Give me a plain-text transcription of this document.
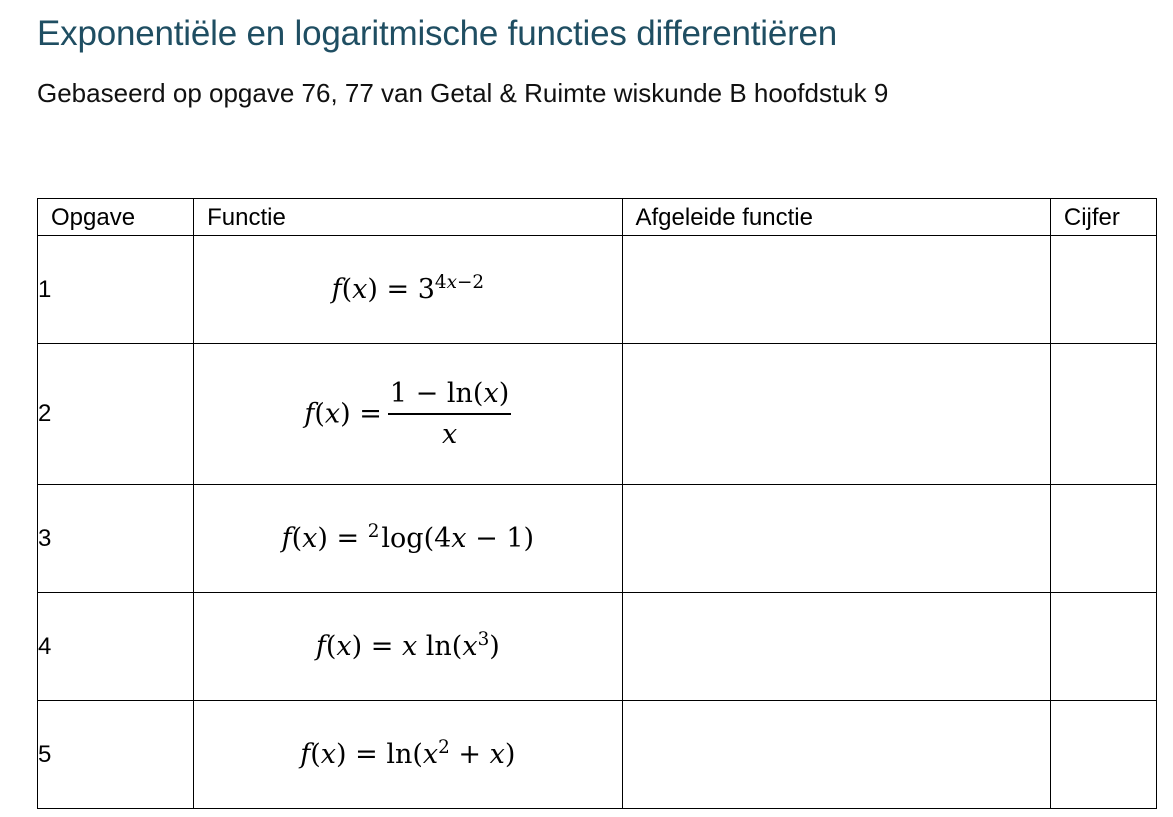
Exponentiële en logaritmische functies differentiëren

Gebaseerd op opgave 76, 77 van Getal & Ruimte wiskunde B hoofdstuk 9

Opgave	Functie	Afgeleide functie	Cijfer
1	$f(x) = 3^{4x-2}$		
2	$f(x) = \frac{1 - \ln(x)}{x}$

3	f(x) = $^2$log(4x − 1)		
4	f(x) = x $\ln(x^3)$		
5	$f(x) = \ln(x^2 + x)$		
